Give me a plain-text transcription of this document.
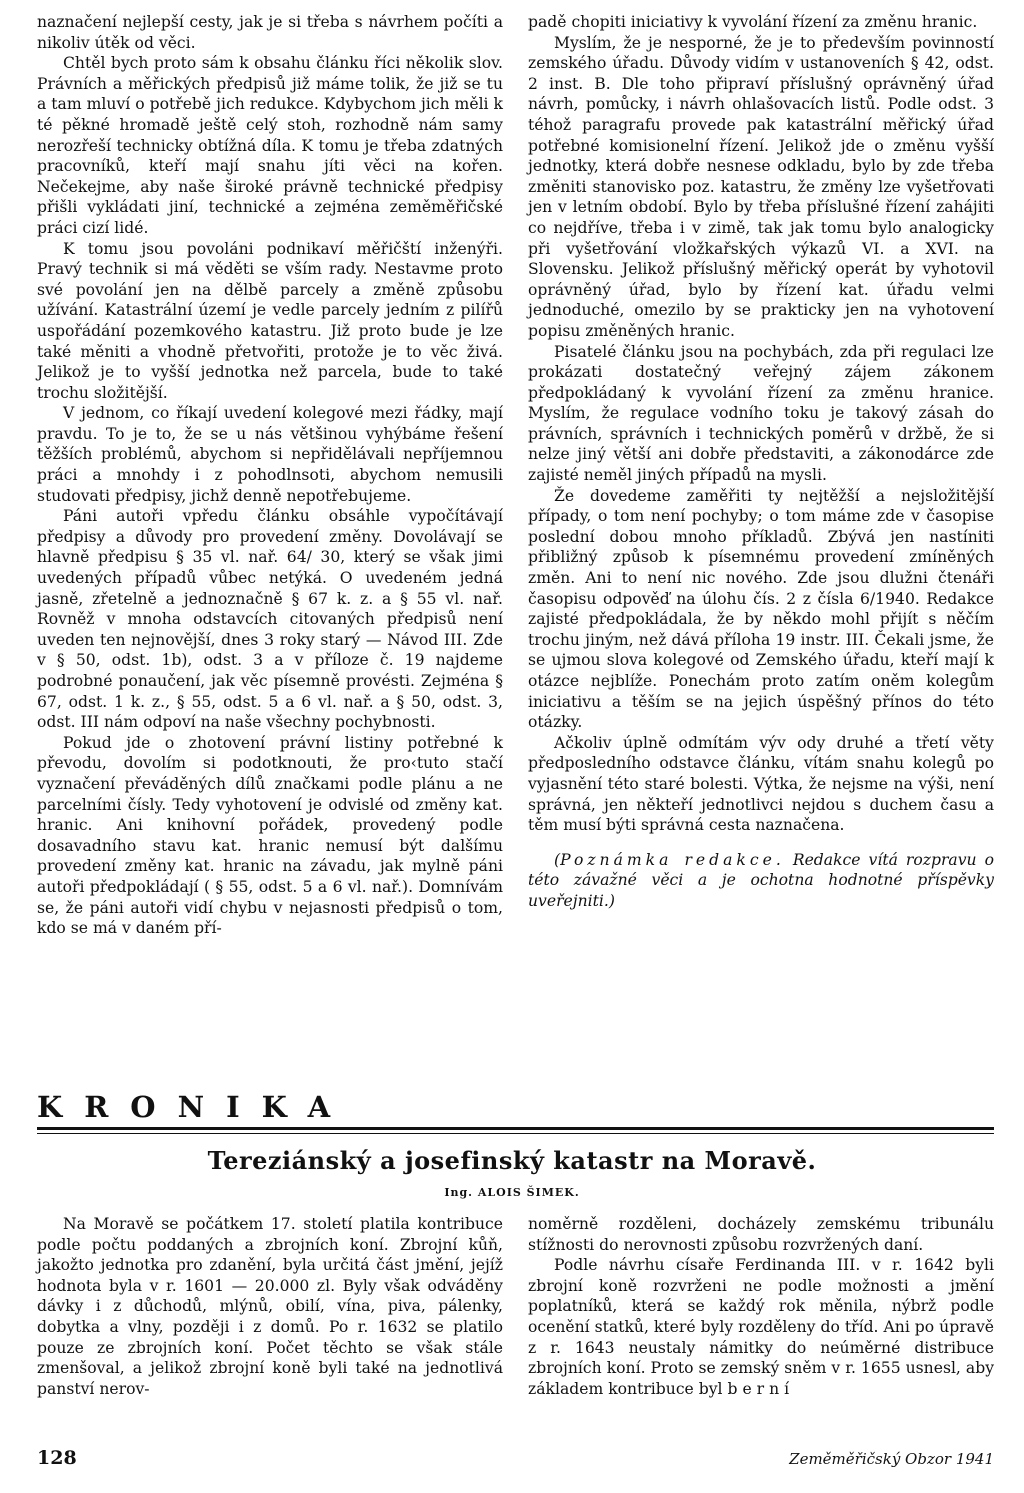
naznačení nejlepší cesty, jak je si třeba s návrhem počíti a nikoliv útěk od věci.

Chtěl bych proto sám k obsahu článku říci několik slov. Právních a měřických předpisů již máme tolik, že již se tu a tam mluví o potřebě jich redukce. Kdybychom jich měli k té pěkné hromadě ještě celý stoh, rozhodně nám samy nerozřeší technicky obtížná díla. K tomu je třeba zdatných pracovníků, kteří mají snahu jíti věci na kořen. Nečekejme, aby naše široké právně technické předpisy přišli vykládati jiní, technické a zejména zeměměřičské práci cizí lidé.

K tomu jsou povoláni podnikaví měřičští inženýři. Pravý technik si má věděti se vším rady. Nestavme proto své povolání jen na dělbě parcely a změně způsobu užívání. Katastrální území je vedle parcely jedním z pilířů uspořádání pozemkového katastru. Již proto bude je lze také měniti a vhodně přetvořiti, protože je to věc živá. Jelikož je to vyšší jednotka než parcela, bude to také trochu složitější.

V jednom, co říkají uvedení kolegové mezi řádky, mají pravdu. To je to, že se u nás většinou vyhýbáme řešení těžších problémů, abychom si nepřidělávali nepříjemnou práci a mnohdy i z pohodlnsoti, abychom nemusili studovati předpisy, jichž denně nepotřebujeme.

Páni autoři vpředu článku obsáhle vypočítávají předpisy a důvody pro provedení změny. Dovolávají se hlavně předpisu § 35 vl. nař. 64/ 30, který se však jimi uvedených případů vůbec netýká. O uvedeném jedná jasně, zřetelně a jednoznačně § 67 k. z. a § 55 vl. nař. Rovněž v mnoha odstavcích citovaných předpisů není uveden ten nejnovější, dnes 3 roky starý — Návod III. Zde v § 50, odst. 1b), odst. 3 a v příloze č. 19 najdeme podrobné ponaučení, jak věc písemně provésti. Zejména § 67, odst. 1 k. z., § 55, odst. 5 a 6 vl. nař. a § 50, odst. 3, odst. III nám odpoví na naše všechny pochybnosti.

Pokud jde o zhotovení právní listiny potřebné k převodu, dovolím si podotknouti, že pro‹tuto stačí vyznačení převáděných dílů značkami podle plánu a ne parcelními čísly. Tedy vyhotovení je odvislé od změny kat. hranic. Ani knihovní pořádek, provedený podle dosavadního stavu kat. hranic nemusí být dalšímu provedení změny kat. hranic na závadu, jak mylně páni autoři předpokládají ( § 55, odst. 5 a 6 vl. nař.). Domnívám se, že páni autoři vidí chybu v nejasnosti předpisů o tom, kdo se má v daném pří-

padě chopiti iniciativy k vyvolání řízení za změnu hranic.

Myslím, že je nesporné, že je to především povinností zemského úřadu. Důvody vidím v ustanoveních § 42, odst. 2 inst. B. Dle toho připraví příslušný oprávněný úřad návrh, pomůcky, i návrh ohlašovacích listů. Podle odst. 3 téhož paragrafu provede pak katastrální měřický úřad potřebné komisionelní řízení. Jelikož jde o změnu vyšší jednotky, která dobře nesnese odkladu, bylo by zde třeba změniti stanovisko poz. katastru, že změny lze vyšetřovati jen v letním období. Bylo by třeba příslušné řízení zahájiti co nejdříve, třeba i v zimě, tak jak tomu bylo analogicky při vyšetřování vložkařských výkazů VI. a XVI. na Slovensku. Jelikož příslušný měřický operát by vyhotovil oprávněný úřad, bylo by řízení kat. úřadu velmi jednoduché, omezilo by se prakticky jen na vyhotovení popisu změněných hranic.

Pisatelé článku jsou na pochybách, zda při regulaci lze prokázati dostatečný veřejný zájem zákonem předpokládaný k vyvolání řízení za změnu hranice. Myslím, že regulace vodního toku je takový zásah do právních, správních i technických poměrů v držbě, že si nelze jiný větší ani dobře představiti, a zákonodárce zde zajisté neměl jiných případů na mysli.

Že dovedeme zaměřiti ty nejtěžší a nejsložitější případy, o tom není pochyby; o tom máme zde v časopise poslední dobou mnoho příkladů. Zbývá jen nastíniti přibližný způsob k písemnému provedení zmíněných změn. Ani to není nic nového. Zde jsou dlužni čtenáři časopisu odpověď na úlohu čís. 2 z čísla 6/1940. Redakce zajisté předpokládala, že by někdo mohl přijít s něčím trochu jiným, než dává příloha 19 instr. III. Čekali jsme, že se ujmou slova kolegové od Zemského úřadu, kteří mají k otázce nejblíže. Ponechám proto zatím oněm kolegům iniciativu a těším se na jejich úspěšný přínos do této otázky.

Ačkoliv úplně odmítám výv ody druhé a třetí věty předposledního odstavce článku, vítám snahu kolegů po vyjasnění této staré bolesti. Výtka, že nejsme na výši, není správná, jen někteří jednotlivci nejdou s duchem času a těm musí býti správná cesta naznačena.

(Poznámka redakce. Redakce vítá rozpravu o této závažné věci a je ochotna hodnotné příspěvky uveřejniti.)

KRONIKA
Tereziánský a josefinský katastr na Moravě.
Ing. ALOIS ŠIMEK.

Na Moravě se počátkem 17. století platila kontribuce podle počtu poddaných a zbrojních koní. Zbrojní kůň, jakožto jednotka pro zdanění, byla určitá část jmění, jejíž hodnota byla v r. 1601 — 20.000 zl. Byly však odváděny dávky i z důchodů, mlýnů, obilí, vína, piva, pálenky, dobytka a vlny, později i z domů. Po r. 1632 se platilo pouze ze zbrojních koní. Počet těchto se však stále zmenšoval, a jelikož zbrojní koně byli také na jednotlivá panství nerov-

noměrně rozděleni, docházely zemskému tribunálu stížnosti do nerovnosti způsobu rozvržených daní.

Podle návrhu císaře Ferdinanda III. v r. 1642 byli zbrojní koně rozvrženi ne podle možnosti a jmění poplatníků, která se každý rok měnila, nýbrž podle ocenění statků, které byly rozděleny do tříd. Ani po úpravě z r. 1643 neustaly námitky do neúměrné distribuce zbrojních koní. Proto se zemský sněm v r. 1655 usnesl, aby základem kontribuce byl berní

128	Zeměměřičský Obzor 1941
